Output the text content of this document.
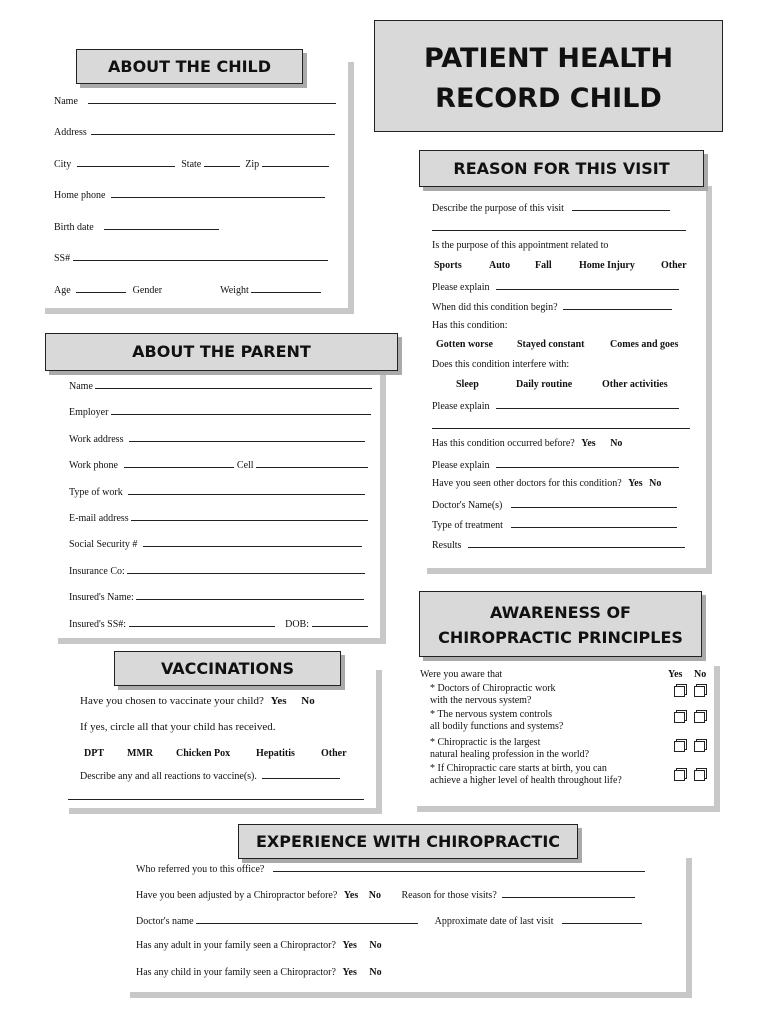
PATIENT HEALTH
RECORD CHILD
ABOUT THE CHILD
Name
Address
City	State	Zip
Home phone
Birth date
SS#
Age	Gender	Weight
ABOUT THE PARENT
Name
Employer
Work address
Work phone	Cell
Type of work
E-mail address
Social Security #
Insurance Co:
Insured's Name:
Insured's SS#:	DOB:
VACCINATIONS
Have you chosen to vaccinate your child? Yes No
If yes, circle all that your child has received.
DPT MMR Chicken Pox	Hepatitis	Other
Describe any and all reactions to vaccine(s).
REASON FOR THIS VISIT
Describe the purpose of this visit
Is the purpose of this appointment related to
Sports	Auto Fall	Home Injury	Other
Please explain
When did this condition begin?
Has this condition:
Gotten worse Stayed constant	Comes and goes
Does this condition interfere with:
Sleep	Daily routine	Other activities
Please explain
Has this condition occurred before? Yes No
Please explain
Have you seen other doctors for this condition? Yes No
Doctor's Name(s)
Type of treatment
Results
AWARENESS OF
CHIROPRACTIC PRINCIPLES
Were you aware that	Yes No
* Doctors of Chiropractic work
with the nervous system?
* The nervous system controls
all bodily functions and systems?
* Chiropractic is the largest
natural healing profession in the world?
* If Chiropractic care starts at birth, you can
achieve a higher level of health throughout life?
EXPERIENCE WITH CHIROPRACTIC
Who referred you to this office?
Have you been adjusted by a Chiropractor before? Yes No Reason for those visits?
Doctor's name	Approximate date of last visit
Has any adult in your family seen a Chiropractor? Yes No
Has any child in your family seen a Chiropractor? Yes No
